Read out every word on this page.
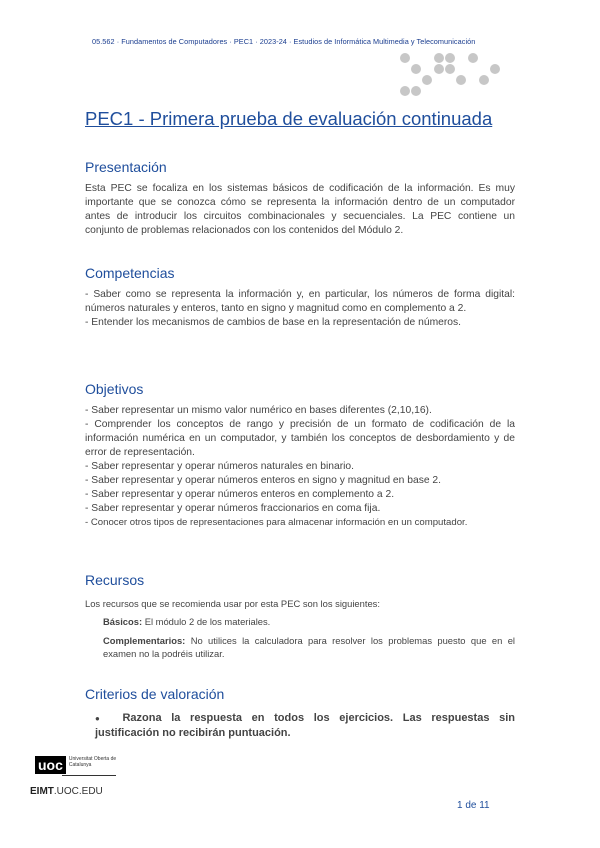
05.562 · Fundamentos de Computadores · PEC1 · 2023-24 · Estudios de Informática Multimedia y Telecomunicación
PEC1 - Primera prueba de evaluación continuada
Presentación

Esta PEC se focaliza en los sistemas básicos de codificación de la información. Es muy importante que se conozca cómo se representa la información dentro de un computador antes de introducir los circuitos combinacionales y secuenciales. La PEC contiene un conjunto de problemas relacionados con los contenidos del Módulo 2.

Competencias

- Saber como se representa la información y, en particular, los números de forma digital: números naturales y enteros, tanto en signo y magnitud como en complemento a 2.

- Entender los mecanismos de cambios de base en la representación de números.

Objetivos

- Saber representar un mismo valor numérico en bases diferentes (2,10,16).

- Comprender los conceptos de rango y precisión de un formato de codificación de la información numérica en un computador, y también los conceptos de desbordamiento y de error de representación.

- Saber representar y operar números naturales en binario.

- Saber representar y operar números enteros en signo y magnitud en base 2.

- Saber representar y operar números enteros en complemento a 2.

- Saber representar y operar números fraccionarios en coma fija.

- Conocer otros tipos de representaciones para almacenar información en un computador.

Recursos

Los recursos que se recomienda usar por esta PEC son los siguientes:

Básicos: El módulo 2 de los materiales.

Complementarios: No utilices la calculadora para resolver los problemas puesto que en el examen no la podréis utilizar.

Criterios de valoración
● Razona la respuesta en todos los ejercicios. Las respuestas sin justificación no recibirán puntuación.
uoc Universitat Oberta de Catalunya
EIMT.UOC.EDU
1 de 11
